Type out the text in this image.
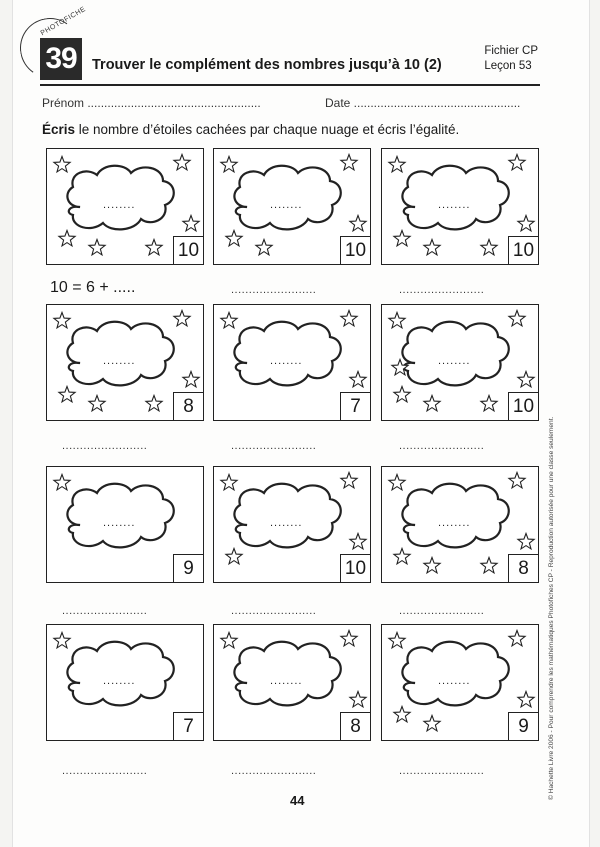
PHOTOFICHE
39	Trouver le complément des nombres jusqu’à 10 (2)
Fichier CP
Leçon 53
Prénom ....................................................	Date ..................................................
Écris le nombre d’étoiles cachées par chaque nuage et écris l’égalité.
........
10
........
10
........................
........
10
........................
........
8
........................
........
7
........................
........
10
........................
........
9
........................
........
10
........................
........
8
........................
........
7
........................
........
8
........................
........
9
........................
10 = 6 + .....
44
© Hachette Livre 2006 - Pour comprendre les mathématiques Photofiches CP - Reproduction autorisée pour une classe seulement.
